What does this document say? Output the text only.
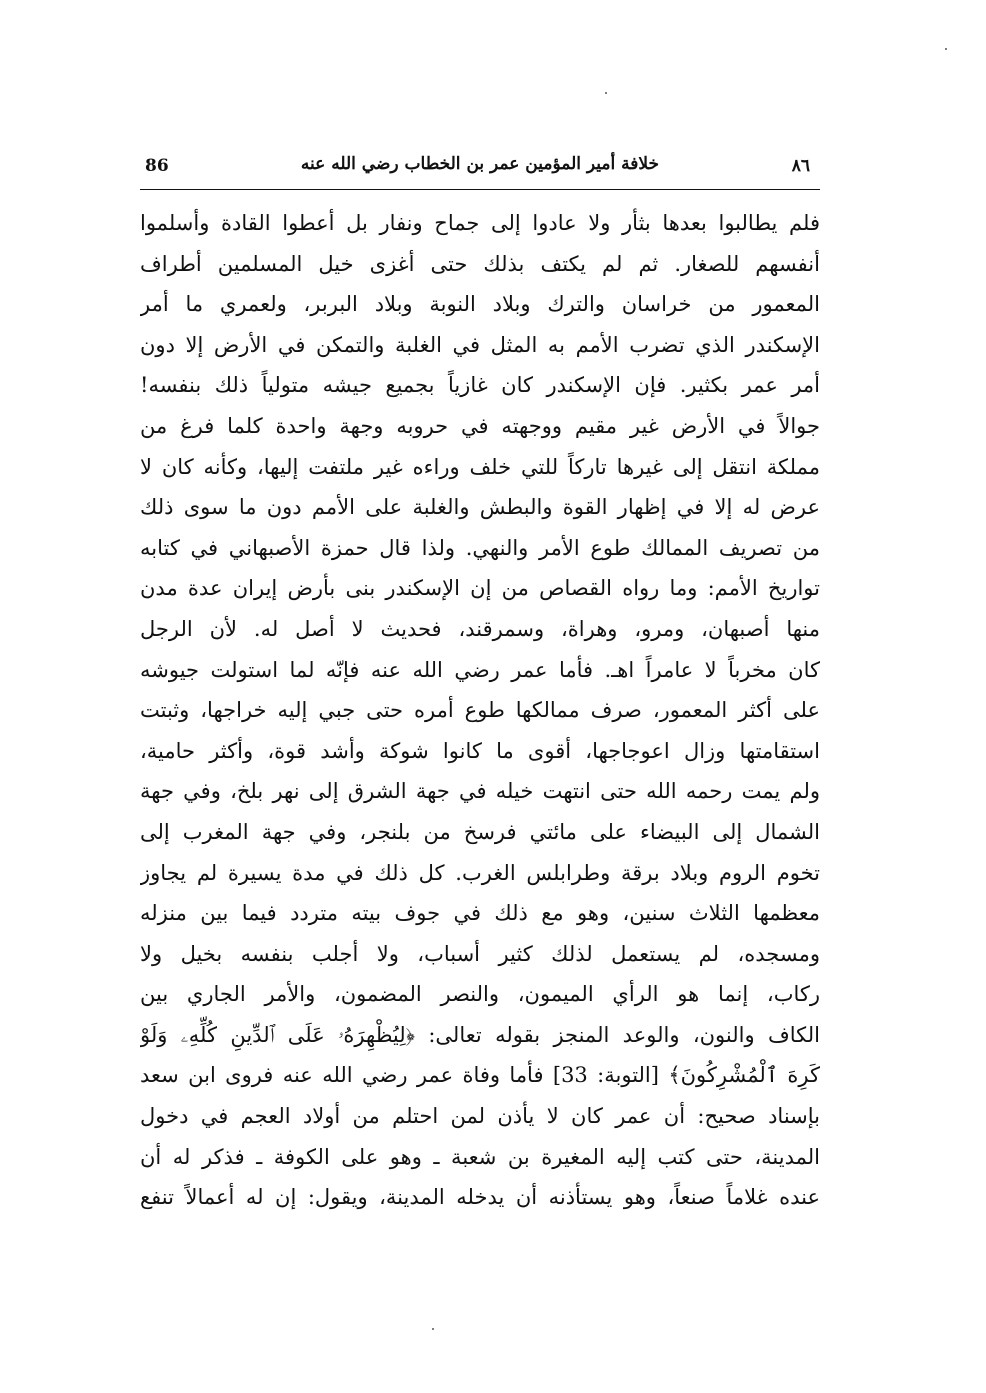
86	خلافة أمير المؤمين عمر بن الخطاب رضي الله عنه	٨٦
فلم يطالبوا بعدها بثأر ولا عادوا إلى جماح ونفار بل أعطوا القادة وأسلموا
أنفسهم للصغار. ثم لم يكتف بذلك حتى أغزى خيل المسلمين أطراف
المعمور من خراسان والترك وبلاد النوبة وبلاد البربر، ولعمري ما أمر
الإسكندر الذي تضرب الأمم به المثل في الغلبة والتمكن في الأرض إلا دون
أمر عمر بكثير. فإن الإسكندر كان غازياً بجميع جيشه متولياً ذلك بنفسه!
جوالاً في الأرض غير مقيم ووجهته في حروبه وجهة واحدة كلما فرغ من
مملكة انتقل إلى غيرها تاركاً للتي خلف وراءه غير ملتفت إليها، وكأنه كان لا
عرض له إلا في إظهار القوة والبطش والغلبة على الأمم دون ما سوى ذلك
من تصريف الممالك طوع الأمر والنهي. ولذا قال حمزة الأصبهاني في كتابه
تواريخ الأمم: وما رواه القصاص من إن الإسكندر بنى بأرض إيران عدة مدن
منها أصبهان، ومرو، وهراة، وسمرقند، فحديث لا أصل له. لأن الرجل
كان مخرباً لا عامراً اهـ. فأما عمر رضي الله عنه فإنّه لما استولت جيوشه
على أكثر المعمور، صرف ممالكها طوع أمره حتى جبي إليه خراجها، وثبتت
استقامتها وزال اعوجاجها، أقوى ما كانوا شوكة وأشد قوة، وأكثر حامية،
ولم يمت رحمه الله حتى انتهت خيله في جهة الشرق إلى نهر بلخ، وفي جهة
الشمال إلى البيضاء على مائتي فرسخ من بلنجر، وفي جهة المغرب إلى
تخوم الروم وبلاد برقة وطرابلس الغرب. كل ذلك في مدة يسيرة لم يجاوز
معظمها الثلاث سنين، وهو مع ذلك في جوف بيته متردد فيما بين منزله
ومسجده، لم يستعمل لذلك كثير أسباب، ولا أجلب بنفسه بخيل ولا
ركاب، إنما هو الرأي الميمون، والنصر المضمون، والأمر الجاري بين
الكاف والنون، والوعد المنجز بقوله تعالى: ﴿لِيُظْهِرَهُۥ عَلَى ٱلدِّينِ كُلِّهِۦ وَلَوْ
كَرِهَ ٱلْمُشْرِكُونَ﴾ [التوبة: 33] فأما وفاة عمر رضي الله عنه فروى ابن سعد
بإسناد صحيح: أن عمر كان لا يأذن لمن احتلم من أولاد العجم في دخول
المدينة، حتى كتب إليه المغيرة بن شعبة ـ وهو على الكوفة ـ فذكر له أن
عنده غلاماً صنعاً، وهو يستأذنه أن يدخله المدينة، ويقول: إن له أعمالاً تنفع
